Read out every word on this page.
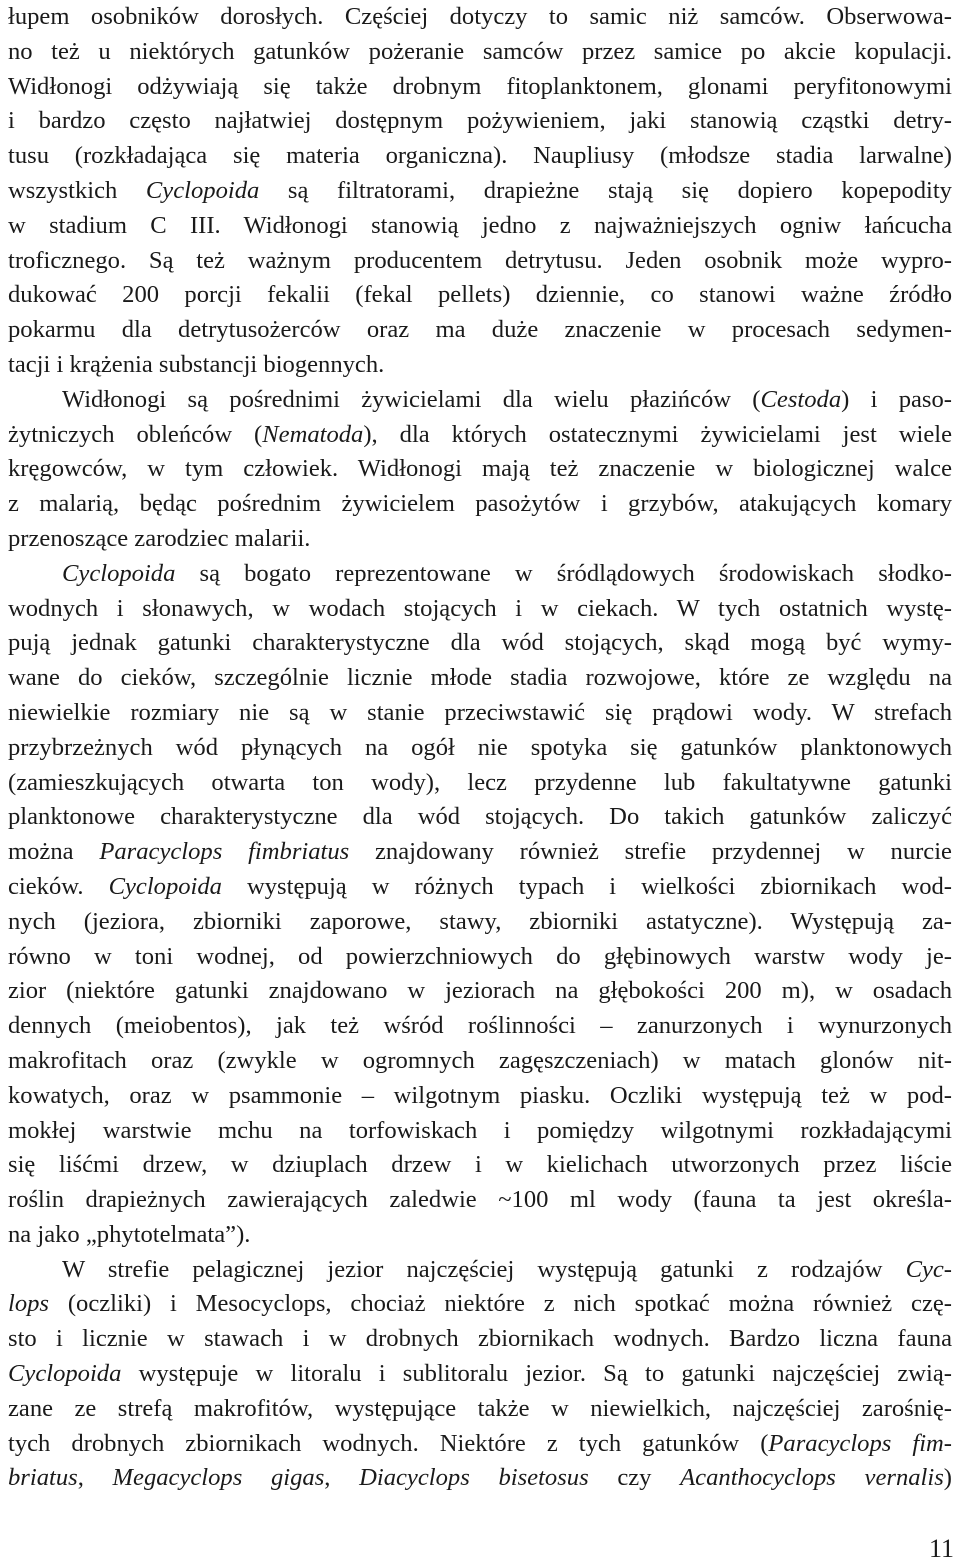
łupem osobników dorosłych. Częściej dotyczy to samic niż samców. Obserwowa-
no też u niektórych gatunków pożeranie samców przez samice po akcie kopulacji.
Widłonogi odżywiają się także drobnym fitoplanktonem, glonami peryfitonowymi
i bardzo często najłatwiej dostępnym pożywieniem, jaki stanowią cząstki detry-
tusu (rozkładająca się materia organiczna). Naupliusy (młodsze stadia larwalne)
wszystkich Cyclopoida są filtratorami, drapieżne stają się dopiero kopepodity
w stadium C III. Widłonogi stanowią jedno z najważniejszych ogniw łańcucha
troficznego. Są też ważnym producentem detrytusu. Jeden osobnik może wypro-
dukować 200 porcji fekalii (fekal pellets) dziennie, co stanowi ważne źródło
pokarmu dla detrytusożerców oraz ma duże znaczenie w procesach sedymen-
tacji i krążenia substancji biogennych.
Widłonogi są pośrednimi żywicielami dla wielu płazińców (Cestoda) i paso-
żytniczych obleńców (Nematoda), dla których ostatecznymi żywicielami jest wiele
kręgowców, w tym człowiek. Widłonogi mają też znaczenie w biologicznej walce
z malarią, będąc pośrednim żywicielem pasożytów i grzybów, atakujących komary
przenoszące zarodziec malarii.
Cyclopoida są bogato reprezentowane w śródlądowych środowiskach słodko-
wodnych i słonawych, w wodach stojących i w ciekach. W tych ostatnich wystę-
pują jednak gatunki charakterystyczne dla wód stojących, skąd mogą być wymy-
wane do cieków, szczególnie licznie młode stadia rozwojowe, które ze względu na
niewielkie rozmiary nie są w stanie przeciwstawić się prądowi wody. W strefach
przybrzeżnych wód płynących na ogół nie spotyka się gatunków planktonowych
(zamieszkujących otwarta ton wody), lecz przydenne lub fakultatywne gatunki
planktonowe charakterystyczne dla wód stojących. Do takich gatunków zaliczyć
można Paracyclops fimbriatus znajdowany również strefie przydennej w nurcie
cieków. Cyclopoida występują w różnych typach i wielkości zbiornikach wod-
nych (jeziora, zbiorniki zaporowe, stawy, zbiorniki astatyczne). Występują za-
równo w toni wodnej, od powierzchniowych do głębinowych warstw wody je-
zior (niektóre gatunki znajdowano w jeziorach na głębokości 200 m), w osadach
dennych (meiobentos), jak też wśród roślinności – zanurzonych i wynurzonych
makrofitach oraz (zwykle w ogromnych zagęszczeniach) w matach glonów nit-
kowatych, oraz w psammonie – wilgotnym piasku. Oczliki występują też w pod-
mokłej warstwie mchu na torfowiskach i pomiędzy wilgotnymi rozkładającymi
się liśćmi drzew, w dziuplach drzew i w kielichach utworzonych przez liście
roślin drapieżnych zawierających zaledwie ~100 ml wody (fauna ta jest określa-
na jako „phytotelmata”).
W strefie pelagicznej jezior najczęściej występują gatunki z rodzajów Cyc-
lops (oczliki) i Mesocyclops, chociaż niektóre z nich spotkać można również czę-
sto i licznie w stawach i w drobnych zbiornikach wodnych. Bardzo liczna fauna
Cyclopoida występuje w litoralu i sublitoralu jezior. Są to gatunki najczęściej zwią-
zane ze strefą makrofitów, występujące także w niewielkich, najczęściej zarośnię-
tych drobnych zbiornikach wodnych. Niektóre z tych gatunków (Paracyclops fim-
briatus, Megacyclops gigas, Diacyclops bisetosus czy Acanthocyclops vernalis)
11
